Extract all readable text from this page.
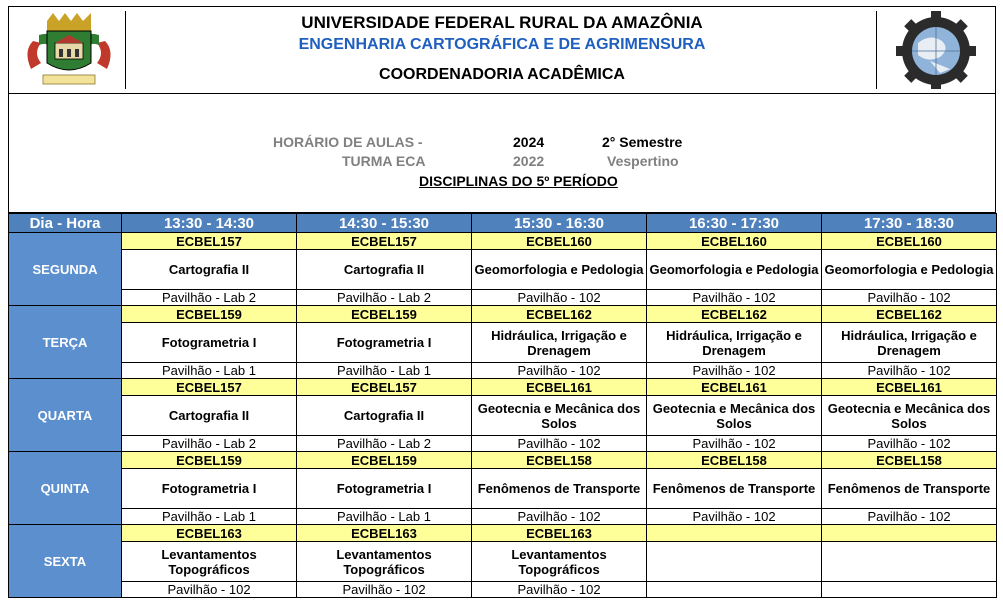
UNIVERSIDADE FEDERAL RURAL DA AMAZÔNIA
ENGENHARIA CARTOGRÁFICA E DE AGRIMENSURA
COORDENADORIA ACADÊMICA
HORÁRIO DE AULAS -	2024	2° Semestre
TURMA ECA	2022	Vespertino
DISCIPLINAS DO 5º PERÍODO
Dia - Hora	13:30 - 14:30	14:30 - 15:30	15:30 - 16:30	16:30 - 17:30	17:30 - 18:30
SEGUNDA	ECBEL157	ECBEL157	ECBEL160	ECBEL160	ECBEL160
	Cartografia II	Cartografia II	Geomorfologia e Pedologia	Geomorfologia e Pedologia	Geomorfologia e Pedologia
	Pavilhão - Lab 2	Pavilhão - Lab 2	Pavilhão - 102	Pavilhão - 102	Pavilhão - 102
TERÇA	ECBEL159	ECBEL159	ECBEL162	ECBEL162	ECBEL162
	Fotogrametria I	Fotogrametria I	Hidráulica, Irrigação e Drenagem	Hidráulica, Irrigação e Drenagem	Hidráulica, Irrigação e Drenagem
	Pavilhão - Lab 1	Pavilhão - Lab 1	Pavilhão - 102	Pavilhão - 102	Pavilhão - 102
QUARTA	ECBEL157	ECBEL157	ECBEL161	ECBEL161	ECBEL161
	Cartografia II	Cartografia II	Geotecnia e Mecânica dos Solos	Geotecnia e Mecânica dos Solos	Geotecnia e Mecânica dos Solos
	Pavilhão - Lab 2	Pavilhão - Lab 2	Pavilhão - 102	Pavilhão - 102	Pavilhão - 102
QUINTA	ECBEL159	ECBEL159	ECBEL158	ECBEL158	ECBEL158
	Fotogrametria I	Fotogrametria I	Fenômenos de Transporte	Fenômenos de Transporte	Fenômenos de Transporte
	Pavilhão - Lab 1	Pavilhão - Lab 1	Pavilhão - 102	Pavilhão - 102	Pavilhão - 102
SEXTA	ECBEL163	ECBEL163	ECBEL163		
	Levantamentos Topográficos	Levantamentos Topográficos	Levantamentos Topográficos		
	Pavilhão - 102	Pavilhão - 102	Pavilhão - 102		
